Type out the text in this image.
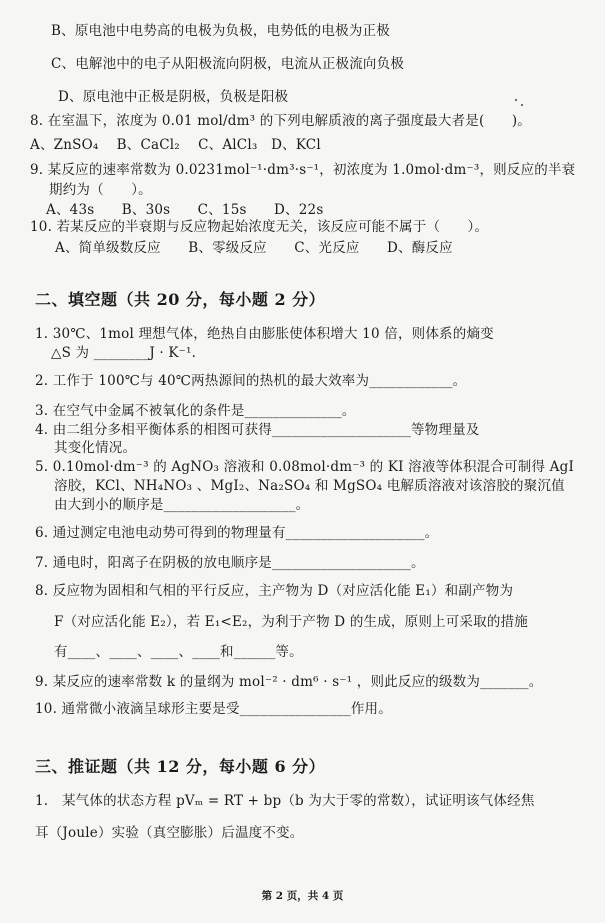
B、原电池中电势高的电极为负极，电势低的电极为正极
C、电解池中的电子从阳极流向阴极，电流从正极流向负极
D、原电池中正极是阴极，负极是阳极
8. 在室温下，浓度为 0.01 mol/dm³ 的下列电解质液的离子强度最大者是(　　)。
A、ZnSO₄　 B、CaCl₂　 C、AlCl₃　D、KCl
9. 某反应的速率常数为 0.0231mol⁻¹·dm³·s⁻¹，初浓度为 1.0mol·dm⁻³，则反应的半衰
期约为（　　）。
A、43s　　B、30s　　C、15s　　D、22s
10. 若某反应的半衰期与反应物起始浓度无关，该反应可能不属于（　　）。
A、简单级数反应　　B、零级反应　　C、光反应　　D、酶反应
二、填空题（共 20 分，每小题 2 分）
1. 30℃、1mol 理想气体，绝热自由膨胀使体积增大 10 倍，则体系的熵变
△S 为 ________J · K⁻¹.
2. 工作于 100℃与 40℃两热源间的热机的最大效率为____________。
3. 在空气中金属不被氧化的条件是______________。
4. 由二组分多相平衡体系的相图可获得____________________等物理量及
其变化情况。
5. 0.10mol·dm⁻³ 的 AgNO₃ 溶液和 0.08mol·dm⁻³ 的 KI 溶液等体积混合可制得 AgI
溶胶，KCl、NH₄NO₃ 、MgI₂、Na₂SO₄ 和 MgSO₄ 电解质溶液对该溶胶的聚沉值
由大到小的顺序是___________________。
6. 通过测定电池电动势可得到的物理量有____________________。
7. 通电时，阳离子在阴极的放电顺序是____________________。
8. 反应物为固相和气相的平行反应，主产物为 D（对应活化能 E₁）和副产物为
F（对应活化能 E₂），若 E₁<E₂，为利于产物 D 的生成，原则上可采取的措施
有____、____、____、____和______等。
9. 某反应的速率常数 k 的量纲为 mol⁻² · dm⁶ · s⁻¹ ，则此反应的级数为_______。
10. 通常微小液滴呈球形主要是受________________作用。
三、推证题（共 12 分，每小题 6 分）
1.　某气体的状态方程 pVₘ = RT + bp（b 为大于零的常数），试证明该气体经焦
耳（Joule）实验（真空膨胀）后温度不变。
第 2 页，共 4 页
